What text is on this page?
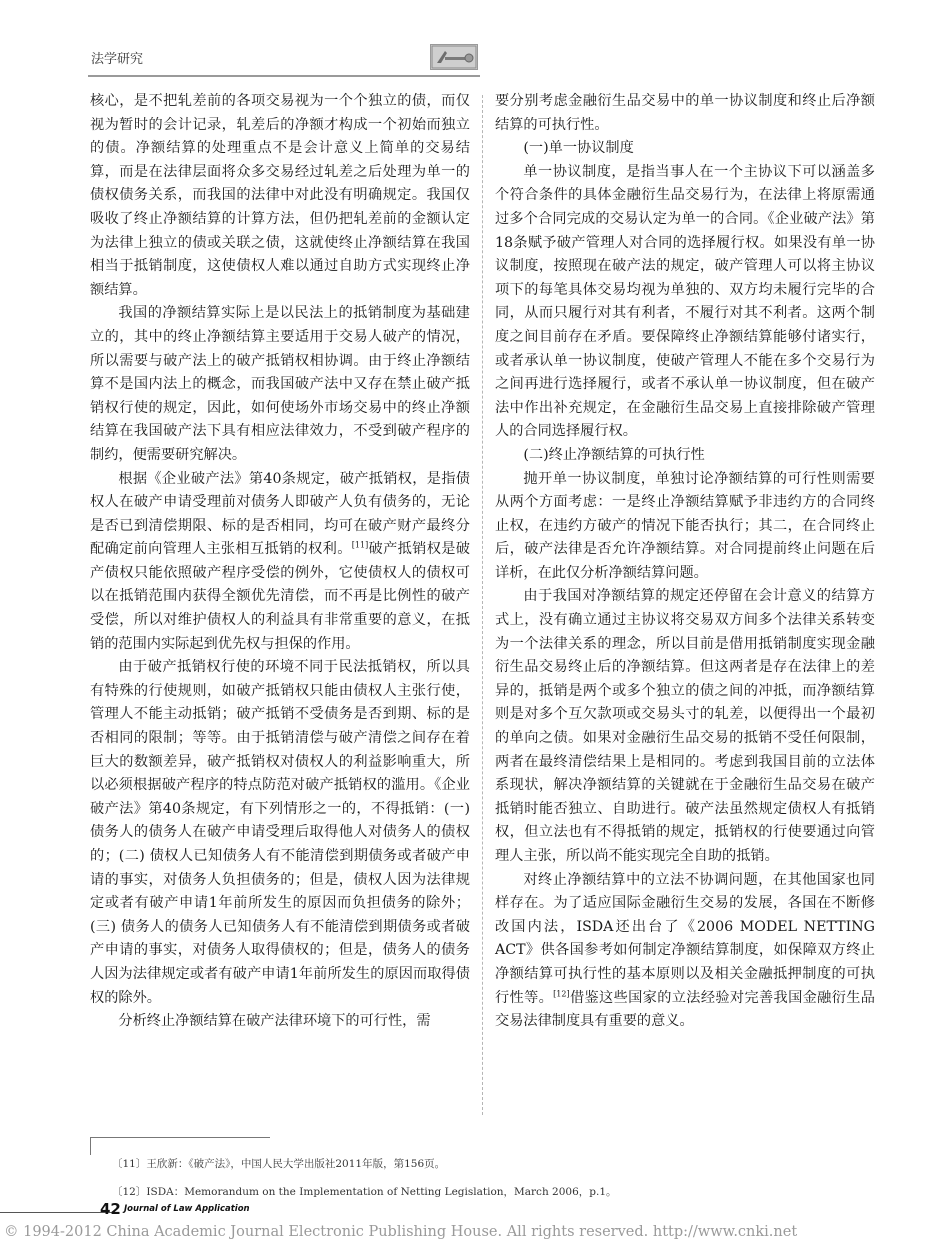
法学研究

核心，是不把轧差前的各项交易视为一个个独立的债，而仅视为暂时的会计记录，轧差后的净额才构成一个初始而独立的债。净额结算的处理重点不是会计意义上简单的交易结算，而是在法律层面将众多交易经过轧差之后处理为单一的债权债务关系，而我国的法律中对此没有明确规定。我国仅吸收了终止净额结算的计算方法，但仍把轧差前的金额认定为法律上独立的债或关联之债，这就使终止净额结算在我国相当于抵销制度，这使债权人难以通过自助方式实现终止净额结算。

我国的净额结算实际上是以民法上的抵销制度为基础建立的，其中的终止净额结算主要适用于交易人破产的情况，所以需要与破产法上的破产抵销权相协调。由于终止净额结算不是国内法上的概念，而我国破产法中又存在禁止破产抵销权行使的规定，因此，如何使场外市场交易中的终止净额结算在我国破产法下具有相应法律效力，不受到破产程序的制约，便需要研究解决。

根据《企业破产法》第40条规定，破产抵销权，是指债权人在破产申请受理前对债务人即破产人负有债务的，无论是否已到清偿期限、标的是否相同，均可在破产财产最终分配确定前向管理人主张相互抵销的权利。[11]破产抵销权是破产债权只能依照破产程序受偿的例外，它使债权人的债权可以在抵销范围内获得全额优先清偿，而不再是比例性的破产受偿，所以对维护债权人的利益具有非常重要的意义，在抵销的范围内实际起到优先权与担保的作用。

由于破产抵销权行使的环境不同于民法抵销权，所以具有特殊的行使规则，如破产抵销权只能由债权人主张行使，管理人不能主动抵销；破产抵销不受债务是否到期、标的是否相同的限制；等等。由于抵销清偿与破产清偿之间存在着巨大的数额差异，破产抵销权对债权人的利益影响重大，所以必须根据破产程序的特点防范对破产抵销权的滥用。《企业破产法》第40条规定，有下列情形之一的，不得抵销：(一)债务人的债务人在破产申请受理后取得他人对债务人的债权的；(二) 债权人已知债务人有不能清偿到期债务或者破产申请的事实，对债务人负担债务的；但是，债权人因为法律规定或者有破产申请1年前所发生的原因而负担债务的除外；(三) 债务人的债务人已知债务人有不能清偿到期债务或者破产申请的事实，对债务人取得债权的；但是，债务人的债务人因为法律规定或者有破产申请1年前所发生的原因而取得债权的除外。

分析终止净额结算在破产法律环境下的可行性，需

要分别考虑金融衍生品交易中的单一协议制度和终止后净额结算的可执行性。

(一)单一协议制度

单一协议制度，是指当事人在一个主协议下可以涵盖多个符合条件的具体金融衍生品交易行为，在法律上将原需通过多个合同完成的交易认定为单一的合同。《企业破产法》第18条赋予破产管理人对合同的选择履行权。如果没有单一协议制度，按照现在破产法的规定，破产管理人可以将主协议项下的每笔具体交易均视为单独的、双方均未履行完毕的合同，从而只履行对其有利者，不履行对其不利者。这两个制度之间目前存在矛盾。要保障终止净额结算能够付诸实行，或者承认单一协议制度，使破产管理人不能在多个交易行为之间再进行选择履行，或者不承认单一协议制度，但在破产法中作出补充规定，在金融衍生品交易上直接排除破产管理人的合同选择履行权。

(二)终止净额结算的可执行性

抛开单一协议制度，单独讨论净额结算的可行性则需要从两个方面考虑：一是终止净额结算赋予非违约方的合同终止权，在违约方破产的情况下能否执行；其二，在合同终止后，破产法律是否允许净额结算。对合同提前终止问题在后详析，在此仅分析净额结算问题。

由于我国对净额结算的规定还停留在会计意义的结算方式上，没有确立通过主协议将交易双方间多个法律关系转变为一个法律关系的理念，所以目前是借用抵销制度实现金融衍生品交易终止后的净额结算。但这两者是存在法律上的差异的，抵销是两个或多个独立的债之间的冲抵，而净额结算则是对多个互欠款项或交易头寸的轧差，以便得出一个最初的单向之债。如果对金融衍生品交易的抵销不受任何限制，两者在最终清偿结果上是相同的。考虑到我国目前的立法体系现状，解决净额结算的关键就在于金融衍生品交易在破产抵销时能否独立、自助进行。破产法虽然规定债权人有抵销权，但立法也有不得抵销的规定，抵销权的行使要通过向管理人主张，所以尚不能实现完全自助的抵销。

对终止净额结算中的立法不协调问题，在其他国家也同样存在。为了适应国际金融衍生交易的发展，各国在不断修改国内法，ISDA还出台了《2006 MODEL NETTING ACT》供各国参考如何制定净额结算制度，如保障双方终止净额结算可执行性的基本原则以及相关金融抵押制度的可执行性等。[12]借鉴这些国家的立法经验对完善我国金融衍生品交易法律制度具有重要的意义。

〔11〕王欣新：《破产法》，中国人民大学出版社2011年版，第156页。
〔12〕ISDA：Memorandum on the Implementation of Netting Legislation，March 2006，p.1。
42 Journal of Law Application
© 1994-2012 China Academic Journal Electronic Publishing House. All rights reserved. http://www.cnki.net
